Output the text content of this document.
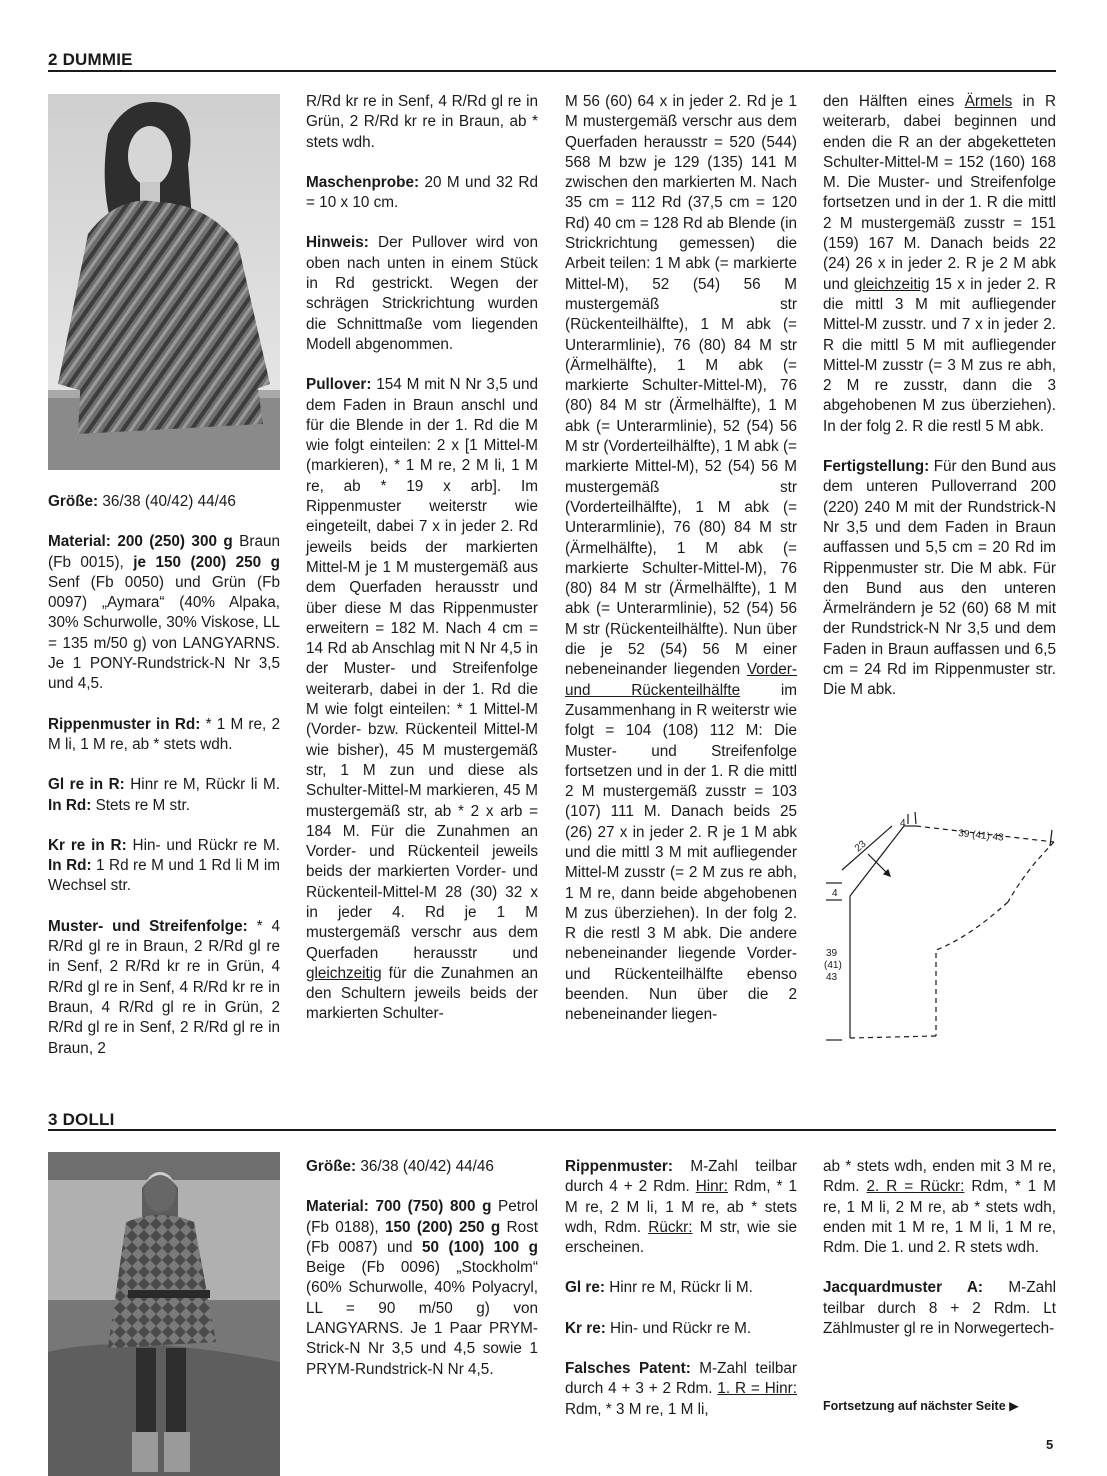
2 DUMMIE

Größe: 36/38 (40/42) 44/46

Material: 200 (250) 300 g Braun (Fb 0015), je 150 (200) 250 g Senf (Fb 0050) und Grün (Fb 0097) „Aymara“ (40% Alpaka, 30% Schurwolle, 30% Viskose, LL = 135 m/50 g) von LANGYARNS. Je 1 PONY-Rundstrick-N Nr 3,5 und 4,5.

Rippenmuster in Rd: * 1 M re, 2 M li, 1 M re, ab * stets wdh.

Gl re in R: Hinr re M, Rückr li M. In Rd: Stets re M str.

Kr re in R: Hin- und Rückr re M. In Rd: 1 Rd re M und 1 Rd li M im Wechsel str.

Muster- und Streifenfolge: * 4 R/Rd gl re in Braun, 2 R/Rd gl re in Senf, 2 R/Rd kr re in Grün, 4 R/Rd gl re in Senf, 4 R/Rd kr re in Braun, 4 R/Rd gl re in Grün, 2 R/Rd gl re in Senf, 2 R/Rd gl re in Braun, 2

R/Rd kr re in Senf, 4 R/Rd gl re in Grün, 2 R/Rd kr re in Braun, ab * stets wdh.

Maschenprobe: 20 M und 32 Rd = 10 x 10 cm.

Hinweis: Der Pullover wird von oben nach unten in einem Stück in Rd gestrickt. Wegen der schrägen Strickrichtung wurden die Schnittmaße vom liegenden Modell abgenommen.

Pullover: 154 M mit N Nr 3,5 und dem Faden in Braun anschl und für die Blende in der 1. Rd die M wie folgt einteilen: 2 x [1 Mittel-M (markieren), * 1 M re, 2 M li, 1 M re, ab * 19 x arb]. Im Rippenmuster weiterstr wie eingeteilt, dabei 7 x in jeder 2. Rd jeweils beids der markierten Mittel-M je 1 M mustergemäß aus dem Querfaden herausstr und über diese M das Rippenmuster erweitern = 182 M. Nach 4 cm = 14 Rd ab Anschlag mit N Nr 4,5 in der Muster- und Streifenfolge weiterarb, dabei in der 1. Rd die M wie folgt einteilen: * 1 Mittel-M (Vorder- bzw. Rückenteil Mittel-M wie bisher), 45 M mustergemäß str, 1 M zun und diese als Schulter-Mittel-M markieren, 45 M mustergemäß str, ab * 2 x arb = 184 M. Für die Zunahmen an Vorder- und Rückenteil jeweils beids der markierten Vorder- und Rückenteil-Mittel-M 28 (30) 32 x in jeder 4. Rd je 1 M mustergemäß verschr aus dem Querfaden herausstr und gleichzeitig für die Zunahmen an den Schultern jeweils beids der markierten Schulter-

M 56 (60) 64 x in jeder 2. Rd je 1 M mustergemäß verschr aus dem Querfaden herausstr = 520 (544) 568 M bzw je 129 (135) 141 M zwischen den markierten M. Nach 35 cm = 112 Rd (37,5 cm = 120 Rd) 40 cm = 128 Rd ab Blende (in Strickrichtung gemessen) die Arbeit teilen: 1 M abk (= markierte Mittel-M), 52 (54) 56 M mustergemäß str (Rückenteilhälfte), 1 M abk (= Unterarmlinie), 76 (80) 84 M str (Ärmelhälfte), 1 M abk (= markierte Schulter-Mittel-M), 76 (80) 84 M str (Ärmelhälfte), 1 M abk (= Unterarmlinie), 52 (54) 56 M str (Vorderteilhälfte), 1 M abk (= markierte Mittel-M), 52 (54) 56 M mustergemäß str (Vorderteilhälfte), 1 M abk (= Unterarmlinie), 76 (80) 84 M str (Ärmelhälfte), 1 M abk (= markierte Schulter-Mittel-M), 76 (80) 84 M str (Ärmelhälfte), 1 M abk (= Unterarmlinie), 52 (54) 56 M str (Rückenteilhälfte). Nun über die je 52 (54) 56 M einer nebeneinander liegenden Vorder- und Rückenteilhälfte im Zusammenhang in R weiterstr wie folgt = 104 (108) 112 M: Die Muster- und Streifenfolge fortsetzen und in der 1. R die mittl 2 M mustergemäß zusstr = 103 (107) 111 M. Danach beids 25 (26) 27 x in jeder 2. R je 1 M abk und die mittl 3 M mit aufliegender Mittel-M zusstr (= 2 M zus re abh, 1 M re, dann beide abgehobenen M zus überziehen). In der folg 2. R die restl 3 M abk. Die andere nebeneinander liegende Vorder- und Rückenteilhälfte ebenso beenden. Nun über die 2 nebeneinander liegen-

den Hälften eines Ärmels in R weiterarb, dabei beginnen und enden die R an der abgeketteten Schulter-Mittel-M = 152 (160) 168 M. Die Muster- und Streifenfolge fortsetzen und in der 1. R die mittl 2 M mustergemäß zusstr = 151 (159) 167 M. Danach beids 22 (24) 26 x in jeder 2. R je 2 M abk und gleichzeitig 15 x in jeder 2. R die mittl 3 M mit aufliegender Mittel-M zusstr. und 7 x in jeder 2. R die mittl 5 M mit aufliegender Mittel-M zusstr (= 3 M zus re abh, 2 M re zusstr, dann die 3 abgehobenen M zus überziehen). In der folg 2. R die restl 5 M abk.

Fertigstellung: Für den Bund aus dem unteren Pulloverrand 200 (220) 240 M mit der Rundstrick-N Nr 3,5 und dem Faden in Braun auffassen und 5,5 cm = 20 Rd im Rippenmuster str. Die M abk. Für den Bund aus den unteren Ärmelrändern je 52 (60) 68 M mit der Rundstrick-N Nr 3,5 und dem Faden in Braun auffassen und 6,5 cm = 24 Rd im Rippenmuster str. Die M abk.

4
39 (41) 43
23
4
39
(41)
43
3 DOLLI

Größe: 36/38 (40/42) 44/46

Material: 700 (750) 800 g Petrol (Fb 0188), 150 (200) 250 g Rost (Fb 0087) und 50 (100) 100 g Beige (Fb 0096) „Stockholm“ (60% Schurwolle, 40% Polyacryl, LL = 90 m/50 g) von LANGYARNS. Je 1 Paar PRYM-Strick-N Nr 3,5 und 4,5 sowie 1 PRYM-Rundstrick-N Nr 4,5.

Rippenmuster: M-Zahl teilbar durch 4 + 2 Rdm. Hinr: Rdm, * 1 M re, 2 M li, 1 M re, ab * stets wdh, Rdm. Rückr: M str, wie sie erscheinen.

Gl re: Hinr re M, Rückr li M.

Kr re: Hin- und Rückr re M.

Falsches Patent: M-Zahl teilbar durch 4 + 3 + 2 Rdm. 1. R = Hinr: Rdm, * 3 M re, 1 M li,

ab * stets wdh, enden mit 3 M re, Rdm. 2. R = Rückr: Rdm, * 1 M re, 1 M li, 2 M re, ab * stets wdh, enden mit 1 M re, 1 M li, 1 M re, Rdm. Die 1. und 2. R stets wdh.

Jacquardmuster A: M-Zahl teilbar durch 8 + 2 Rdm. Lt Zählmuster gl re in Norwegertech-

Fortsetzung auf nächster Seite ▶
5
